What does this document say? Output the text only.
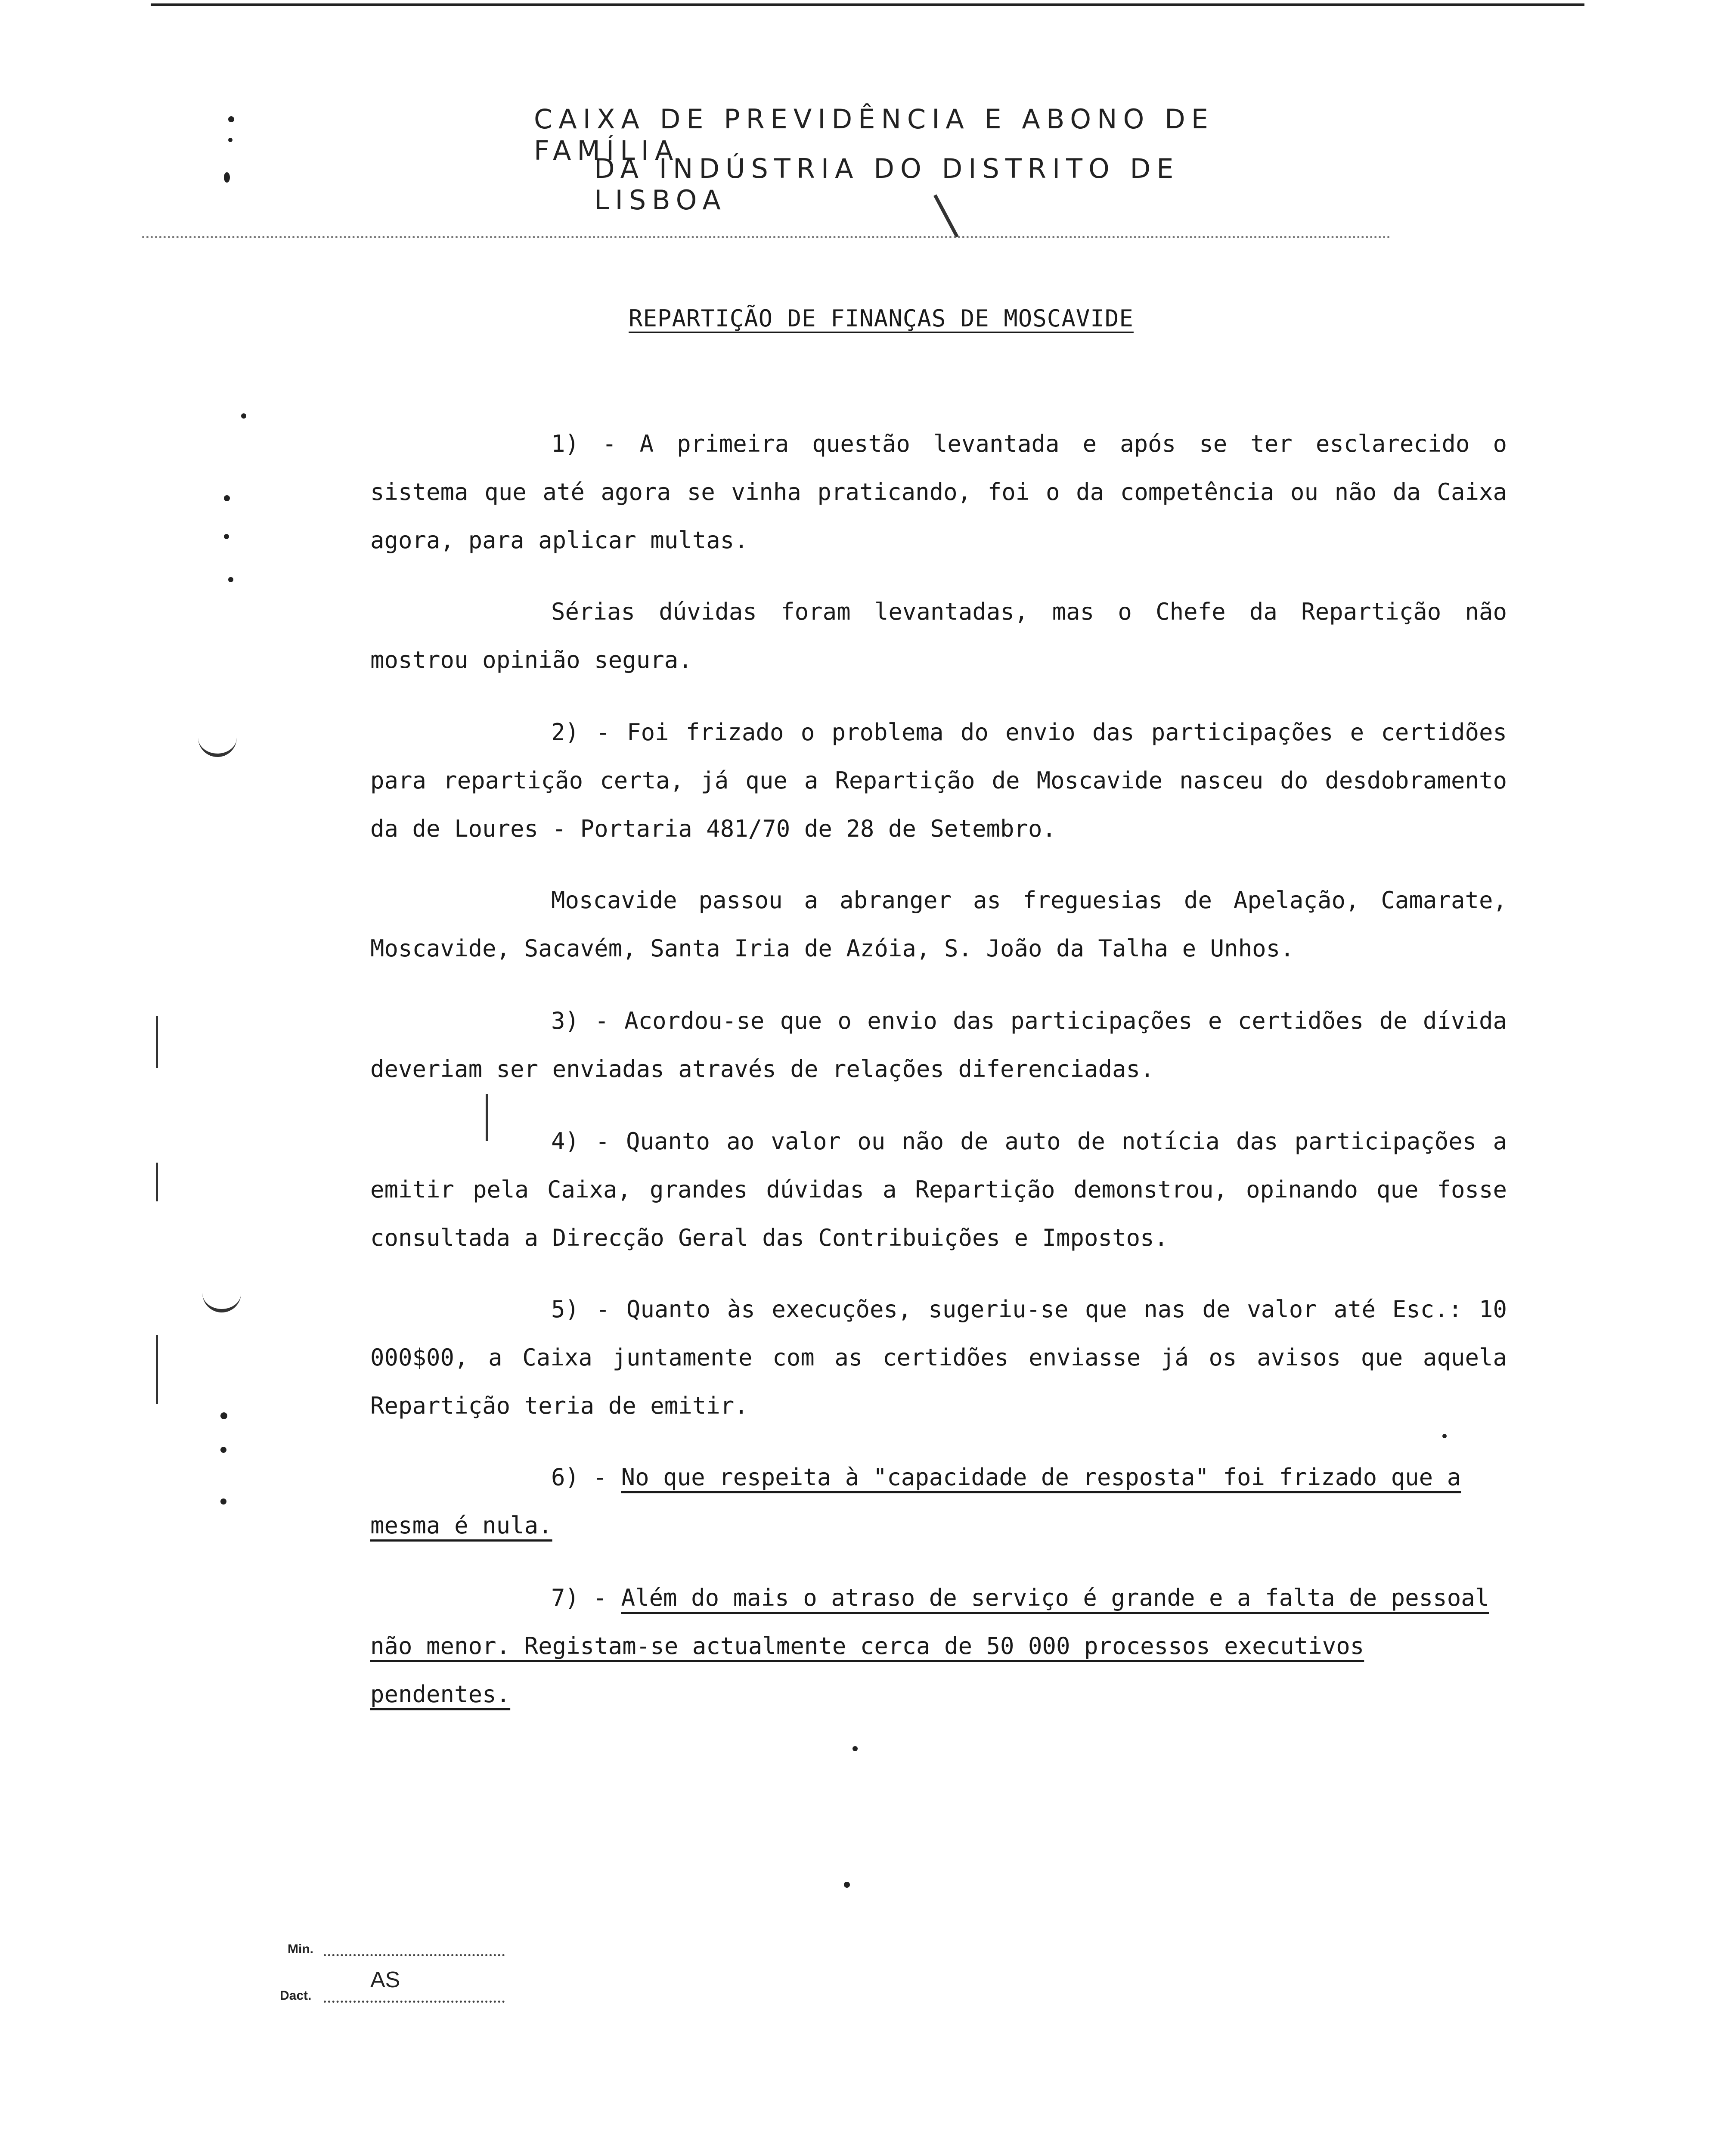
CAIXA DE PREVIDÊNCIA E ABONO DE FAMÍLIA
DA INDÚSTRIA DO DISTRITO DE LISBOA
REPARTIÇÃO DE FINANÇAS DE MOSCAVIDE

1) - A primeira questão levantada e após se ter esclarecido o sistema que até agora se vinha praticando, foi o da competência ou não da Caixa agora, para aplicar multas.

Sérias dúvidas foram levantadas, mas o Chefe da Repartição não mostrou opinião segura.

2) - Foi frizado o problema do envio das participações e certidões para repartição certa, já que a Repartição de Moscavide nasceu do desdobramento da de Loures - Portaria 481/70 de 28 de Setembro.

Moscavide passou a abranger as freguesias de Apelação, Camarate, Moscavide, Sacavém, Santa Iria de Azóia, S. João da Talha e Unhos.

3) - Acordou-se que o envio das participações e certidões de dívida deveriam ser enviadas através de relações diferenciadas.

4) - Quanto ao valor ou não de auto de notícia das participações a emitir pela Caixa, grandes dúvidas a Repartição demonstrou, opinando que fosse consultada a Direcção Geral das Contribuições e Impostos.

5) - Quanto às execuções, sugeriu-se que nas de valor até Esc.: 10 000$00, a Caixa juntamente com as certidões enviasse já os avisos que aquela Repartição teria de emitir.

6) - No que respeita à "capacidade de resposta" foi frizado que a mesma é nula.
7) - Além do mais o atraso de serviço é grande e a falta de pessoal não menor. Registam-se actualmente cerca de 50 000 processos executivos pendentes.
Min.
AS
Dact.
